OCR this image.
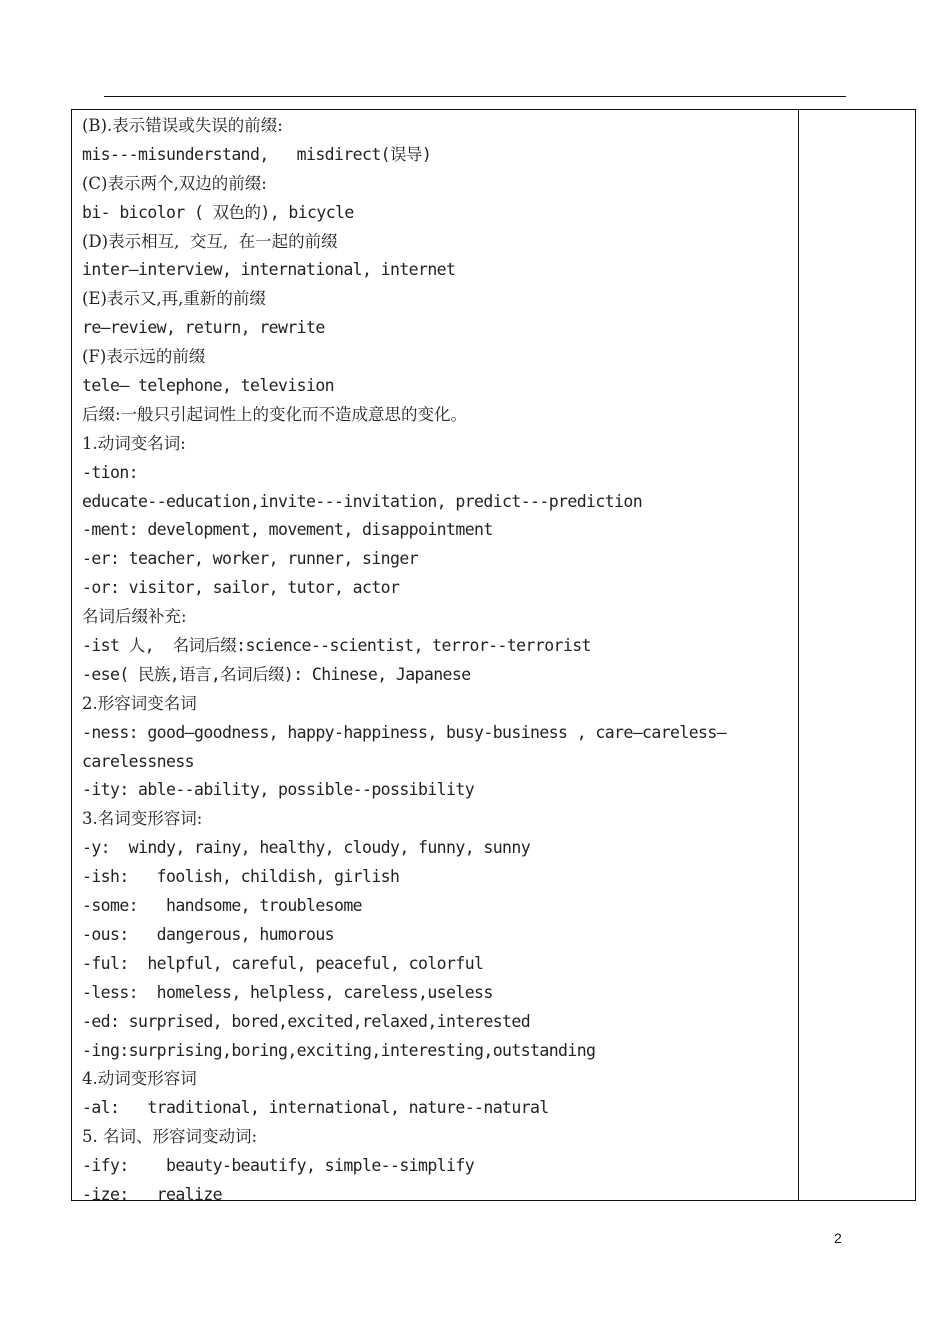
(B).表示错误或失误的前缀:
mis---misunderstand,   misdirect(误导)
(C)表示两个,双边的前缀:
bi- bicolor ( 双色的), bicycle
(D)表示相互,  交互,  在一起的前缀
inter—interview, international, internet
(E)表示又,再,重新的前缀
re—review, return, rewrite
(F)表示远的前缀
tele– telephone, television
后缀:一般只引起词性上的变化而不造成意思的变化。
1.动词变名词:
-tion:
educate--education,invite---invitation, predict---prediction
-ment: development, movement, disappointment
-er: teacher, worker, runner, singer
-or: visitor, sailor, tutor, actor
名词后缀补充:
-ist 人,  名词后缀:science--scientist, terror--terrorist
-ese( 民族,语言,名词后缀): Chinese, Japanese
2.形容词变名词
-ness: good—goodness, happy-happiness, busy-business , care—careless—
carelessness
-ity: able--ability, possible--possibility
3.名词变形容词:
-y:  windy, rainy, healthy, cloudy, funny, sunny
-ish:   foolish, childish, girlish
-some:   handsome, troublesome
-ous:   dangerous, humorous
-ful:  helpful, careful, peaceful, colorful
-less:  homeless, helpless, careless,useless
-ed: surprised, bored,excited,relaxed,interested
-ing:surprising,boring,exciting,interesting,outstanding
4.动词变形容词
-al:   traditional, international, nature--natural
5. 名词、形容词变动词:
-ify:    beauty-beautify, simple--simplify
-ize:   realize
2
